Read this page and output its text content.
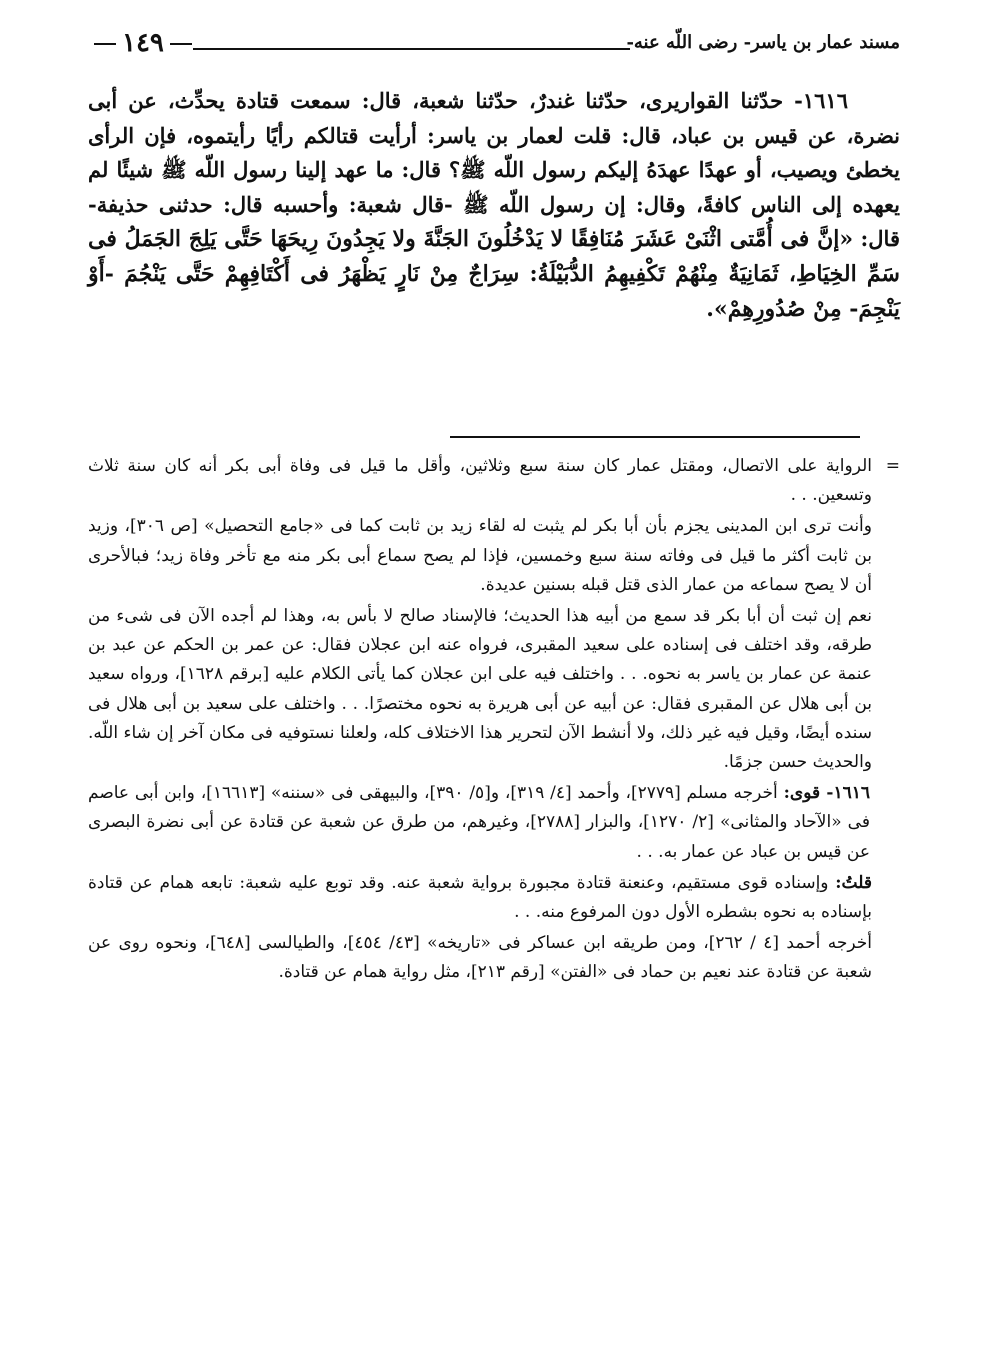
مسند عمار بن ياسر- رضى اللّه عنه-
١٤٩

١٦١٦- حدّثنا القواريرى، حدّثنا غندرٌ، حدّثنا شعبة، قال: سمعت قتادة يحدِّث، عن أبى نضرة، عن قيس بن عباد، قال: قلت لعمار بن ياسر: أرأيت قتالكم رأيًا رأيتموه، فإن الرأى يخطئ ويصيب، أو عهدًا عهدَهُ إليكم رسول اللّه ﷺ؟ قال: ما عهد إلينا رسول اللّه ﷺ شيئًا لم يعهده إلى الناس كافةً، وقال: إن رسول اللّه ﷺ -قال شعبة: وأحسبه قال: حدثنى حذيفة- قال: «إنَّ فى أُمَّتى اثْنَىْ عَشَرَ مُنَافِقًا لا يَدْخُلُونَ الجَنَّةَ ولا يَجِدُونَ رِيحَهَا حَتَّى يَلِجَ الجَمَلُ فى سَمِّ الخِيَاطِ، ثَمَانِيَةٌ مِنْهُمْ تَكْفِيهِمُ الدُّبَيْلَةُ: سِرَاجٌ مِنْ نَارٍ يَظْهَرُ فى أَكْتَافِهِمْ حَتَّى يَنْجُمَ -أَوْ يَنْجِمَ- مِنْ صُدُورِهِمْ».

=
الرواية على الاتصال، ومقتل عمار كان سنة سبع وثلاثين، وأقل ما قيل فى وفاة أبى بكر أنه كان سنة ثلاث وتسعين. . .

وأنت ترى ابن المدينى يجزم بأن أبا بكر لم يثبت له لقاء زيد بن ثابت كما فى «جامع التحصيل» [ص ٣٠٦]، وزيد بن ثابت أكثر ما قيل فى وفاته سنة سبع وخمسين، فإذا لم يصح سماع أبى بكر منه مع تأخر وفاة زيد؛ فبالأحرى أن لا يصح سماعه من عمار الذى قتل قبله بسنين عديدة.

نعم إن ثبت أن أبا بكر قد سمع من أبيه هذا الحديث؛ فالإسناد صالح لا بأس به، وهذا لم أجده الآن فى شىء من طرقه، وقد اختلف فى إسناده على سعيد المقبرى، فرواه عنه ابن عجلان فقال: عن عمر بن الحكم عن عبد بن عنمة عن عمار بن ياسر به نحوه. . . واختلف فيه على ابن عجلان كما يأتى الكلام عليه [برقم ١٦٢٨]، ورواه سعيد بن أبى هلال عن المقبرى فقال: عن أبيه عن أبى هريرة به نحوه مختصرًا. . . واختلف على سعيد بن أبى هلال فى سنده أيضًا، وقيل فيه غير ذلك، ولا أنشط الآن لتحرير هذا الاختلاف كله، ولعلنا نستوفيه فى مكان آخر إن شاء اللّه. والحديث حسن جزمًا.

١٦١٦- قوى: أخرجه مسلم [٢٧٧٩]، وأحمد [٤/ ٣١٩]، و[٥/ ٣٩٠]، والبيهقى فى «سننه» [١٦٦١٣]، وابن أبى عاصم فى «الآحاد والمثانى» [٢/ ١٢٧٠]، والبزار [٢٧٨٨]، وغيرهم، من طرق عن شعبة عن قتادة عن أبى نضرة البصرى عن قيس بن عباد عن عمار به. . .

قلتُ: وإسناده قوى مستقيم، وعنعنة قتادة مجبورة برواية شعبة عنه. وقد توبع عليه شعبة: تابعه همام عن قتادة بإسناده به نحوه بشطره الأول دون المرفوع منه. . .

أخرجه أحمد [٤ / ٢٦٢]، ومن طريقه ابن عساكر فى «تاريخه» [٤٣/ ٤٥٤]، والطيالسى [٦٤٨]، ونحوه روى عن شعبة عن قتادة عند نعيم بن حماد فى «الفتن» [رقم ٢١٣]، مثل رواية همام عن قتادة.
